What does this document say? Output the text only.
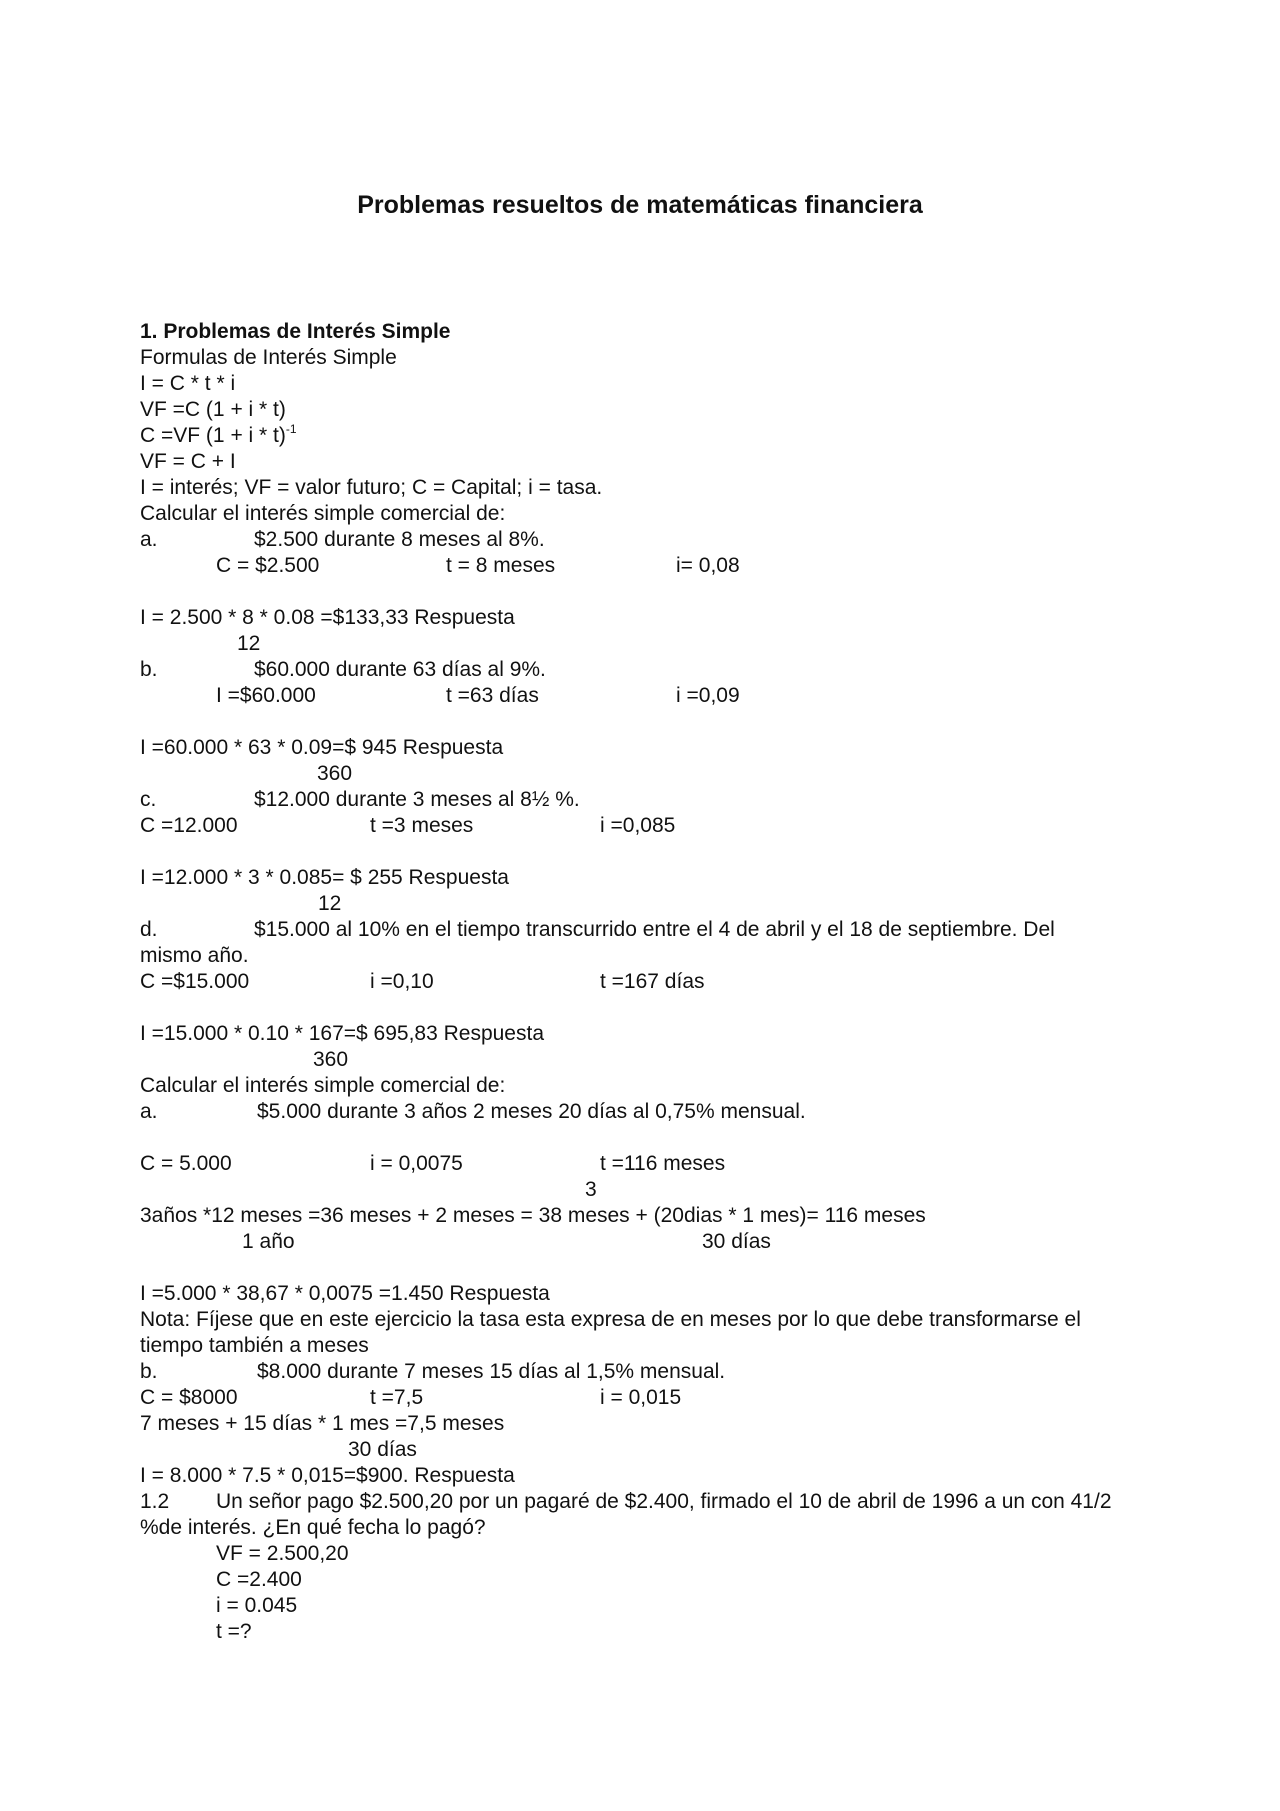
Problemas resueltos de matemáticas financiera
1. Problemas de Interés Simple
Formulas de Interés Simple
I = C * t * i
VF =C (1 + i * t)
C =VF $(1 + i * t)^{-1}$
VF = C + I
I = interés; VF = valor futuro; C = Capital; i = tasa.
Calcular el interés simple comercial de:
a.	$2.500 durante 8 meses al 8%.
C = $2.500	t = 8 meses	i= 0,08
I = 2.500 * 8 * 0.08 =$133,33 Respuesta
12
b.	$60.000 durante 63 días al 9%.
I =$60.000	t =63 días	i =0,09
I =60.000 * 63 * 0.09=$ 945 Respuesta
360
c.	$12.000 durante 3 meses al 8½ %.
C =12.000	t =3 meses	i =0,085
I =12.000 * 3 * 0.085= $ 255 Respuesta
12
d.	$15.000 al 10% en el tiempo transcurrido entre el 4 de abril y el 18 de septiembre. Del
mismo año.
C =$15.000	i =0,10	t =167 días
I =15.000 * 0.10 * 167=$ 695,83 Respuesta
360
Calcular el interés simple comercial de:
a.	$5.000 durante 3 años 2 meses 20 días al 0,75% mensual.
C = 5.000	i = 0,0075	t =116 meses
3
3años *12 meses =36 meses + 2 meses = 38 meses + (20dias * 1 mes)= 116 meses
1 año	30 días
I =5.000 * 38,67 * 0,0075 =1.450 Respuesta
Nota: Fíjese que en este ejercicio la tasa esta expresa de en meses por lo que debe transformarse el
tiempo también a meses
b.	$8.000 durante 7 meses 15 días al 1,5% mensual.
C = $8000	t =7,5	i = 0,015
7 meses + 15 días * 1 mes =7,5 meses
30 días
I = 8.000 * 7.5 * 0,015=$900. Respuesta
1.2 Un señor pago $2.500,20 por un pagaré de $2.400, firmado el 10 de abril de 1996 a un con 41/2
%de interés. ¿En qué fecha lo pagó?
VF = 2.500,20
C =2.400
i = 0.045
t =?
